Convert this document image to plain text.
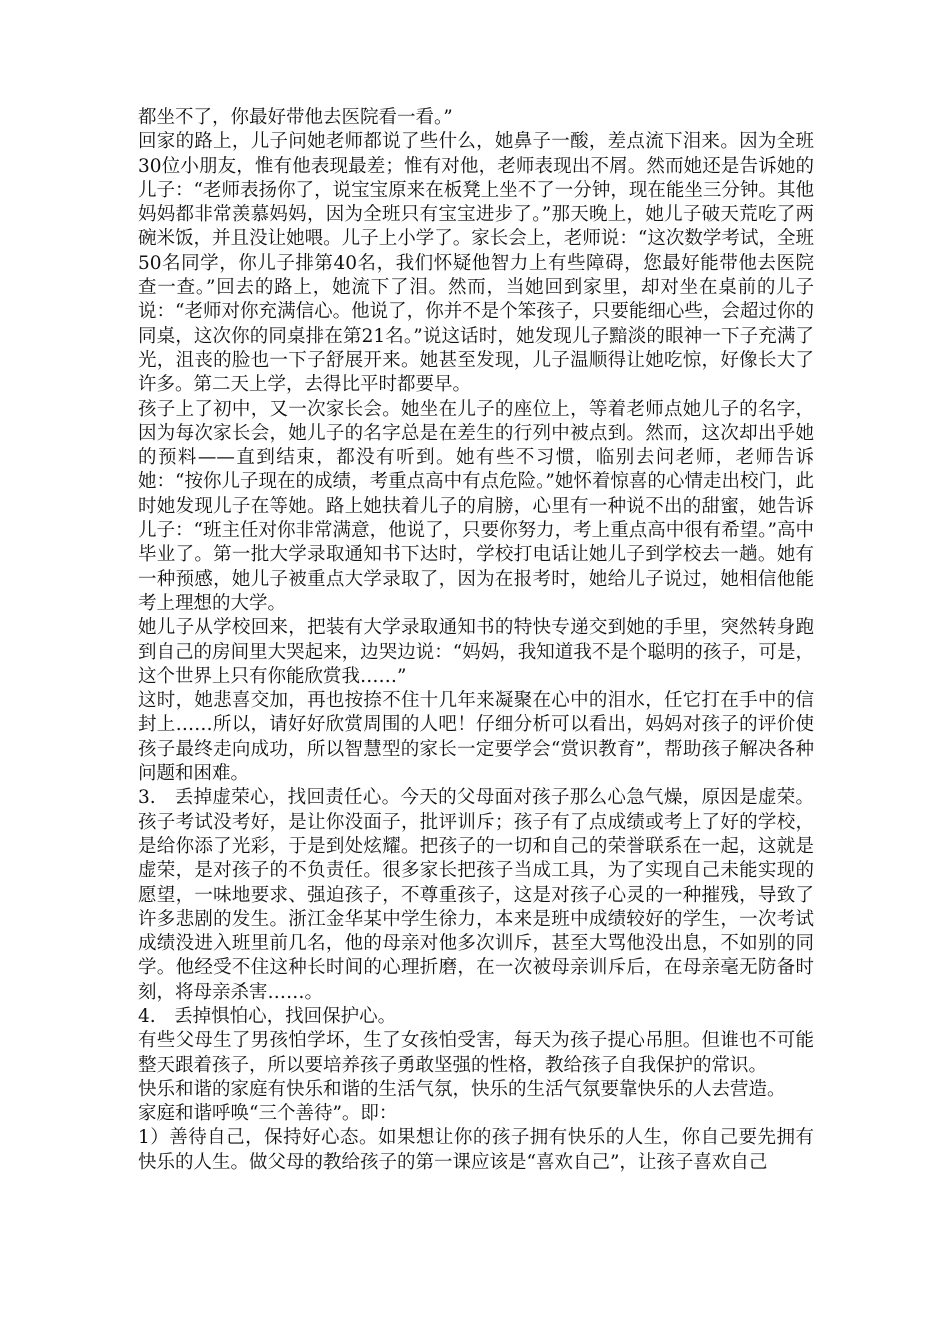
都坐不了，你最好带他去医院看一看。”

回家的路上，儿子问她老师都说了些什么，她鼻子一酸，差点流下泪来。因为全班30位小朋友，惟有他表现最差；惟有对他，老师表现出不屑。然而她还是告诉她的儿子：“老师表扬你了，说宝宝原来在板凳上坐不了一分钟，现在能坐三分钟。其他妈妈都非常羡慕妈妈，因为全班只有宝宝进步了。”那天晚上，她儿子破天荒吃了两碗米饭，并且没让她喂。儿子上小学了。家长会上，老师说：“这次数学考试，全班50名同学，你儿子排第40名，我们怀疑他智力上有些障碍，您最好能带他去医院查一查。”回去的路上，她流下了泪。然而，当她回到家里，却对坐在桌前的儿子说：“老师对你充满信心。他说了，你并不是个笨孩子，只要能细心些，会超过你的同桌，这次你的同桌排在第21名。”说这话时，她发现儿子黯淡的眼神一下子充满了光，沮丧的脸也一下子舒展开来。她甚至发现，儿子温顺得让她吃惊，好像长大了许多。第二天上学，去得比平时都要早。

孩子上了初中，又一次家长会。她坐在儿子的座位上，等着老师点她儿子的名字，因为每次家长会，她儿子的名字总是在差生的行列中被点到。然而，这次却出乎她的预料——直到结束，都没有听到。她有些不习惯，临别去问老师，老师告诉她：“按你儿子现在的成绩，考重点高中有点危险。”她怀着惊喜的心情走出校门，此时她发现儿子在等她。路上她扶着儿子的肩膀，心里有一种说不出的甜蜜，她告诉儿子：“班主任对你非常满意，他说了，只要你努力，考上重点高中很有希望。”高中毕业了。第一批大学录取通知书下达时，学校打电话让她儿子到学校去一趟。她有一种预感，她儿子被重点大学录取了，因为在报考时，她给儿子说过，她相信他能考上理想的大学。

她儿子从学校回来，把装有大学录取通知书的特快专递交到她的手里，突然转身跑到自己的房间里大哭起来，边哭边说：“妈妈，我知道我不是个聪明的孩子，可是，这个世界上只有你能欣赏我……”

这时，她悲喜交加，再也按捺不住十几年来凝聚在心中的泪水，任它打在手中的信封上……所以，请好好欣赏周围的人吧！仔细分析可以看出，妈妈对孩子的评价使孩子最终走向成功，所以智慧型的家长一定要学会“赏识教育”，帮助孩子解决各种问题和困难。

3.　丢掉虚荣心，找回责任心。今天的父母面对孩子那么心急气燥，原因是虚荣。孩子考试没考好，是让你没面子，批评训斥；孩子有了点成绩或考上了好的学校，是给你添了光彩，于是到处炫耀。把孩子的一切和自己的荣誉联系在一起，这就是虚荣，是对孩子的不负责任。很多家长把孩子当成工具，为了实现自己未能实现的愿望，一味地要求、强迫孩子，不尊重孩子，这是对孩子心灵的一种摧残，导致了许多悲剧的发生。浙江金华某中学生徐力，本来是班中成绩较好的学生，一次考试成绩没进入班里前几名，他的母亲对他多次训斥，甚至大骂他没出息，不如别的同学。他经受不住这种长时间的心理折磨，在一次被母亲训斥后，在母亲毫无防备时刻，将母亲杀害……。

4.　丢掉惧怕心，找回保护心。

有些父母生了男孩怕学坏，生了女孩怕受害，每天为孩子提心吊胆。但谁也不可能整天跟着孩子，所以要培养孩子勇敢坚强的性格，教给孩子自我保护的常识。

快乐和谐的家庭有快乐和谐的生活气氛，快乐的生活气氛要靠快乐的人去营造。

家庭和谐呼唤“三个善待”。即：

1）善待自己，保持好心态。如果想让你的孩子拥有快乐的人生，你自己要先拥有快乐的人生。做父母的教给孩子的第一课应该是“喜欢自己”，让孩子喜欢自己
